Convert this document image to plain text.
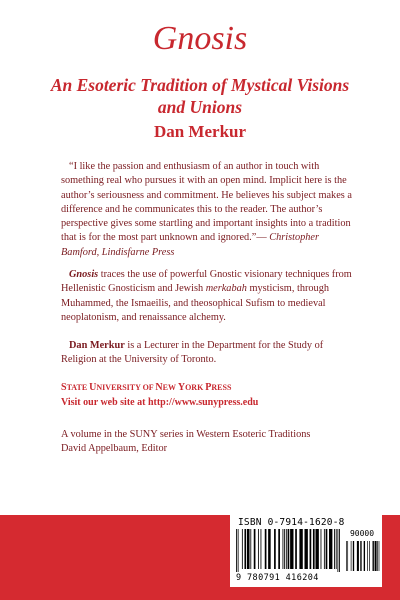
Gnosis
An Esoteric Tradition of Mystical Visions and Unions
Dan Merkur
“I like the passion and enthusiasm of an author in touch with something real who pursues it with an open mind. Implicit here is the author’s seriousness and commitment. He believes his subject makes a difference and he communicates this to the reader. The author’s perspective gives some startling and important insights into a tradition that is for the most part unknown and ignored.”— Christopher Bamford, Lindisfarne Press
Gnosis traces the use of powerful Gnostic visionary techniques from Hellenistic Gnosticism and Jewish merkabah mysticism, through Muhammed, the Ismaeilis, and theosophical Sufism to medieval neoplatonism, and renaissance alchemy.
Dan Merkur is a Lecturer in the Department for the Study of Religion at the University of Toronto.
STATE UNIVERSITY OF NEW YORK PRESS
Visit our web site at http://www.sunypress.edu
A volume in the SUNY series in Western Esoteric Traditions
David Appelbaum, Editor
ISBN 0-7914-1620-8
9 780791 416204
90000
